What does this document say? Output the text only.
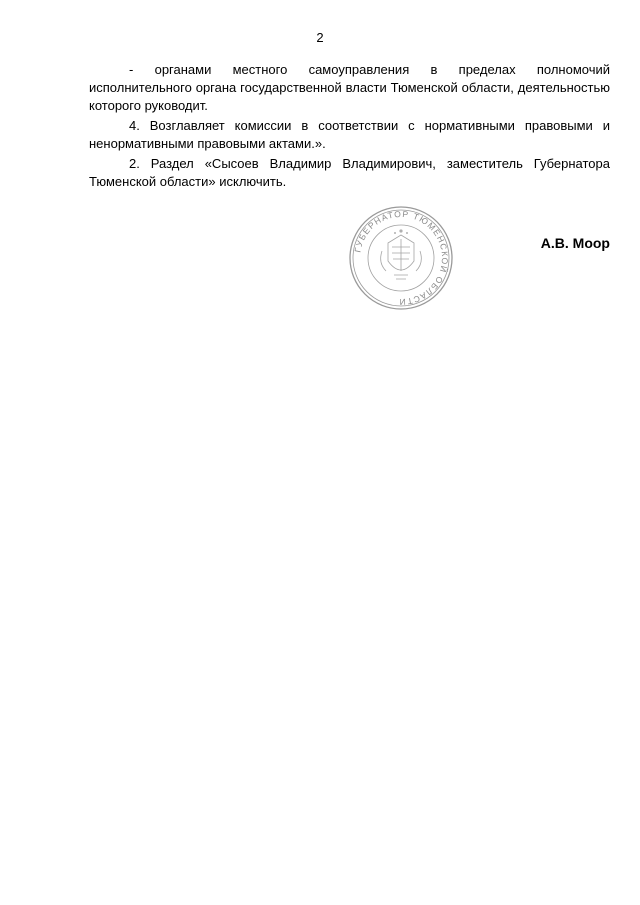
2

- органами местного самоуправления в пределах полномочий исполнительного органа государственной власти Тюменской области, деятельностью которого руководит.

4. Возглавляет комиссии в соответствии с нормативными правовыми и ненормативными правовыми актами.».

2. Раздел «Сысоев Владимир Владимирович, заместитель Губернатора Тюменской области» исключить.

ГУБЕРНАТОР ТЮМЕНСКОЙ ОБЛАСТИ
А.В. Моор
